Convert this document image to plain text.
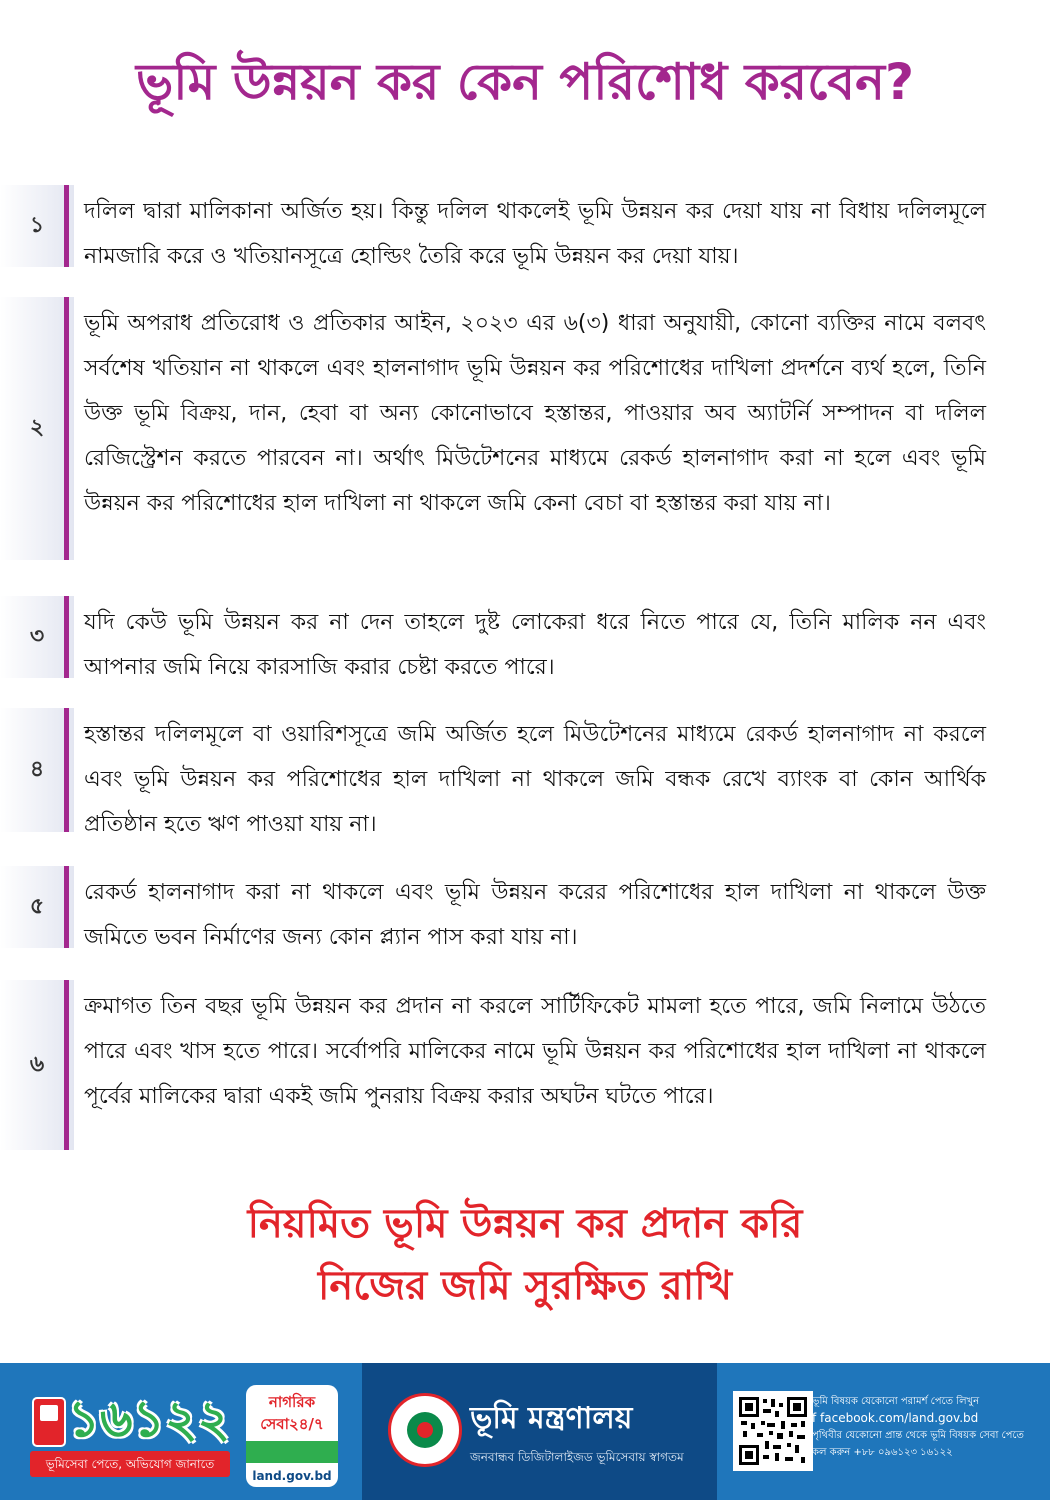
ভূমি উন্নয়ন কর কেন পরিশোধ করবেন?
১
দলিল দ্বারা মালিকানা অর্জিত হয়। কিন্তু দলিল থাকলেই ভূমি উন্নয়ন কর দেয়া যায় না বিধায় দলিলমূলে নামজারি করে ও খতিয়ানসূত্রে হোল্ডিং তৈরি করে ভূমি উন্নয়ন কর দেয়া যায়।
২
ভূমি অপরাধ প্রতিরোধ ও প্রতিকার আইন, ২০২৩ এর ৬(৩) ধারা অনুযায়ী, কোনো ব্যক্তির নামে বলবৎ সর্বশেষ খতিয়ান না থাকলে এবং হালনাগাদ ভূমি উন্নয়ন কর পরিশোধের দাখিলা প্রদর্শনে ব্যর্থ হলে, তিনি উক্ত ভূমি বিক্রয়, দান, হেবা বা অন্য কোনোভাবে হস্তান্তর, পাওয়ার অব অ্যাটর্নি সম্পাদন বা দলিল রেজিস্ট্রেশন করতে পারবেন না। অর্থাৎ মিউটেশনের মাধ্যমে রেকর্ড হালনাগাদ করা না হলে এবং ভূমি উন্নয়ন কর পরিশোধের হাল দাখিলা না থাকলে জমি কেনা বেচা বা হস্তান্তর করা যায় না।
৩
যদি কেউ ভূমি উন্নয়ন কর না দেন তাহলে দুষ্ট লোকেরা ধরে নিতে পারে যে, তিনি মালিক নন এবং আপনার জমি নিয়ে কারসাজি করার চেষ্টা করতে পারে।
৪
হস্তান্তর দলিলমূলে বা ওয়ারিশসূত্রে জমি অর্জিত হলে মিউটেশনের মাধ্যমে রেকর্ড হালনাগাদ না করলে এবং ভূমি উন্নয়ন কর পরিশোধের হাল দাখিলা না থাকলে জমি বন্ধক রেখে ব্যাংক বা কোন আর্থিক প্রতিষ্ঠান হতে ঋণ পাওয়া যায় না।
৫
রেকর্ড হালনাগাদ করা না থাকলে এবং ভূমি উন্নয়ন করের পরিশোধের হাল দাখিলা না থাকলে উক্ত জমিতে ভবন নির্মাণের জন্য কোন প্ল্যান পাস করা যায় না।
৬
ক্রমাগত তিন বছর ভূমি উন্নয়ন কর প্রদান না করলে সার্টিফিকেট মামলা হতে পারে, জমি নিলামে উঠতে পারে এবং খাস হতে পারে। সর্বোপরি মালিকের নামে ভূমি উন্নয়ন কর পরিশোধের হাল দাখিলা না থাকলে পূর্বের মালিকের দ্বারা একই জমি পুনরায় বিক্রয় করার অঘটন ঘটতে পারে।
নিয়মিত ভূমি উন্নয়ন কর প্রদান করি
নিজের জমি সুরক্ষিত রাখি
১৬১২২
ভূমিসেবা পেতে, অভিযোগ জানাতে
নাগরিক
সেবা২৪/৭
land.gov.bd
ভূমি মন্ত্রণালয়
জনবান্ধব ডিজিটালাইজড ভূমিসেবায় স্বাগতম
ভূমি বিষয়ক যেকোনো পরামর্শ পেতে লিখুন
f facebook.com/land.gov.bd
পৃথিবীর যেকোনো প্রান্ত থেকে ভূমি বিষয়ক সেবা পেতে
কল করুন +৮৮ ০৯৬১২৩ ১৬১২২
